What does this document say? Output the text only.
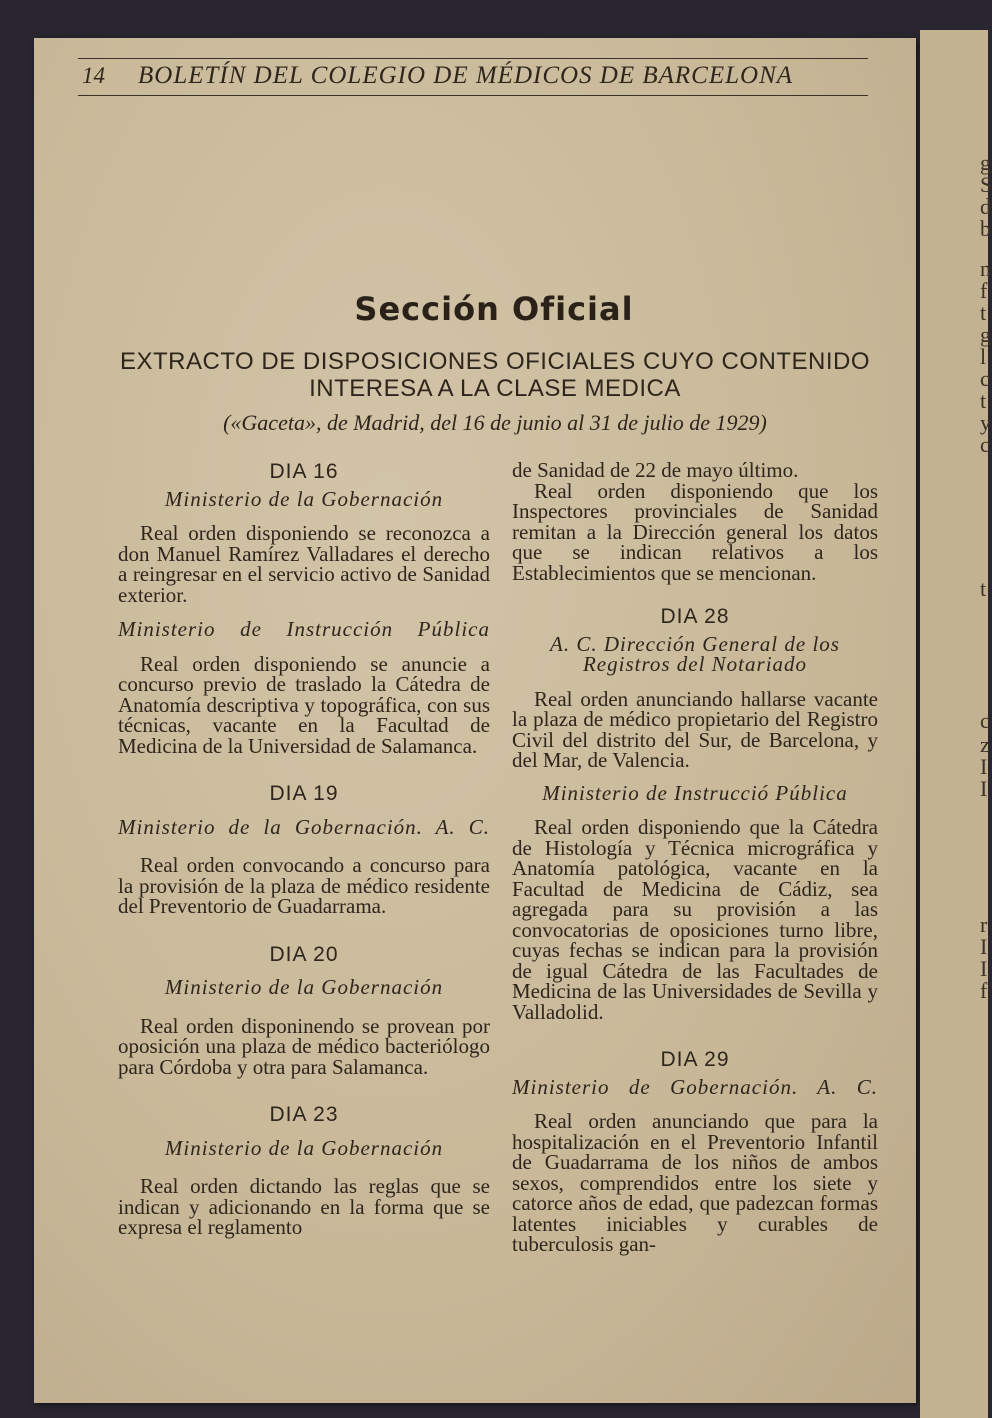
g
S
d
b
n
f
t
g
l
c
t
y
c
t
c
z
I
I
r
I
I
f
14 BOLETÍN DEL COLEGIO DE MÉDICOS DE BARCELONA
Sección Oficial
EXTRACTO DE DISPOSICIONES OFICIALES CUYO CONTENIDO
INTERESA A LA CLASE MEDICA
(«Gaceta», de Madrid, del 16 de junio al 31 de julio de 1929)
DIA 16
Ministerio de la Gobernación

Real orden disponiendo se reconozca a don Manuel Ramírez Valladares el derecho a reingresar en el servicio activo de Sanidad exterior.

Ministerio de Instrucción Pública

Real orden disponiendo se anuncie a concurso previo de traslado la Cátedra de Anatomía descriptiva y topográfica, con sus técnicas, vacante en la Facultad de Medicina de la Universidad de Salamanca.

DIA 19
Ministerio de la Gobernación. A. C.

Real orden convocando a concurso para la provisión de la plaza de médico residente del Preventorio de Guadarrama.

DIA 20
Ministerio de la Gobernación

Real orden disponinendo se provean por oposición una plaza de médico bacteriólogo para Córdoba y otra para Salamanca.

DIA 23
Ministerio de la Gobernación

Real orden dictando las reglas que se indican y adicionando en la forma que se expresa el reglamento

de Sanidad de 22 de mayo último.

Real orden disponiendo que los Inspectores provinciales de Sanidad remitan a la Dirección general los datos que se indican relativos a los Establecimientos que se mencionan.

DIA 28
A. C. Dirección General de los Registros del Notariado

Real orden anunciando hallarse vacante la plaza de médico propietario del Registro Civil del distrito del Sur, de Barcelona, y del Mar, de Valencia.

Ministerio de Instrucció Pública

Real orden disponiendo que la Cátedra de Histología y Técnica micrográfica y Anatomía patológica, vacante en la Facultad de Medicina de Cádiz, sea agregada para su provisión a las convocatorias de oposiciones turno libre, cuyas fechas se indican para la provisión de igual Cátedra de las Facultades de Medicina de las Universidades de Sevilla y Valladolid.

DIA 29
Ministerio de Gobernación. A. C.

Real orden anunciando que para la hospitalización en el Preventorio Infantil de Guadarrama de los niños de ambos sexos, comprendidos entre los siete y catorce años de edad, que padezcan formas latentes iniciables y curables de tuberculosis gan-
